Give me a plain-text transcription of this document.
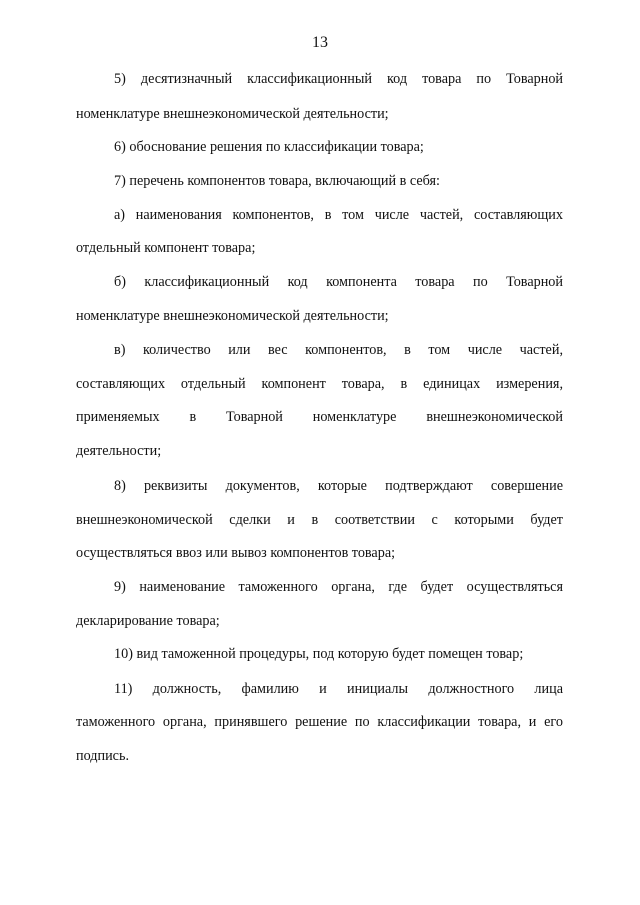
13
5) десятизначный классификационный код товара по Товарной
номенклатуре внешнеэкономической деятельности;
6) обоснование решения по классификации товара;
7) перечень компонентов товара, включающий в себя:
а) наименования компонентов, в том числе частей, составляющих
отдельный компонент товара;
б) классификационный код компонента товара по Товарной
номенклатуре внешнеэкономической деятельности;
в) количество или вес компонентов, в том числе частей,
составляющих отдельный компонент товара, в единицах измерения,
применяемых в Товарной номенклатуре внешнеэкономической
деятельности;
8) реквизиты документов, которые подтверждают совершение
внешнеэкономической сделки и в соответствии с которыми будет
осуществляться ввоз или вывоз компонентов товара;
9) наименование таможенного органа, где будет осуществляться
декларирование товара;
10) вид таможенной процедуры, под которую будет помещен товар;
11) должность, фамилию и инициалы должностного лица
таможенного органа, принявшего решение по классификации товара, и его
подпись.
